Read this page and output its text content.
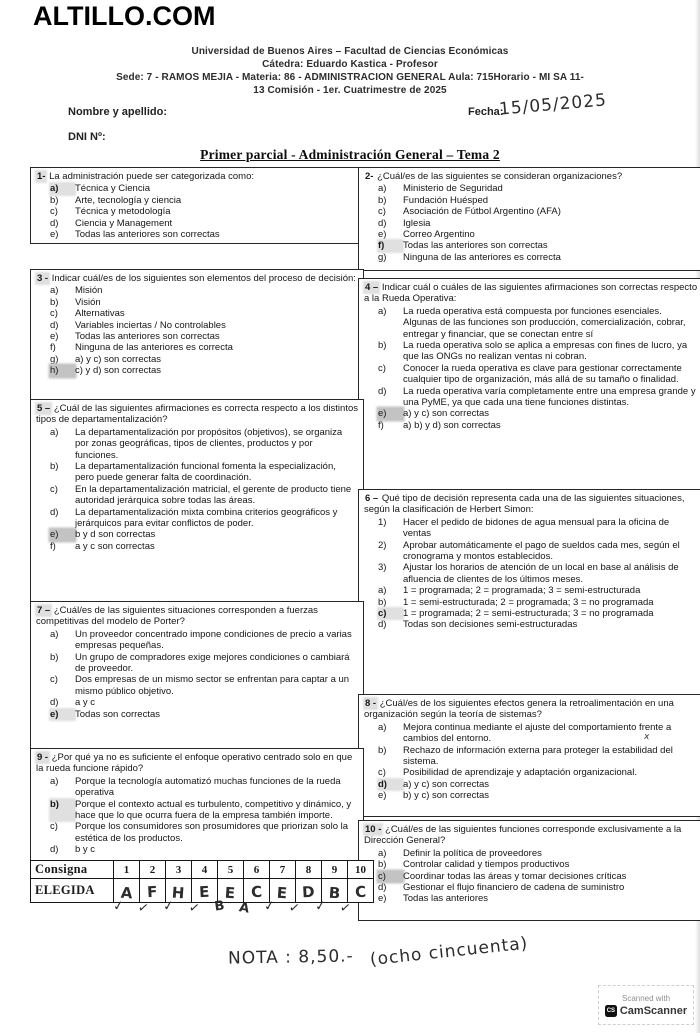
ALTILLO.COM
Universidad de Buenos Aires – Facultad de Ciencias Económicas
Cátedra: Eduardo Kastica - Profesor
Sede: 7 - RAMOS MEJIA - Materia: 86 - ADMINISTRACION GENERAL Aula: 715Horario - MI SA 11-
13 Comisión - 1er. Cuatrimestre de 2025
Nombre y apellido:	Fecha:
15/05/2025
DNI Nº:
Primer parcial - Administración General – Tema 2
1- La administración puede ser categorizada como:
a)	Técnica y Ciencia
b)	Arte, tecnología y ciencia
c)	Técnica y metodología
d)	Ciencia y Management
e)	Todas las anteriores son correctas
2- ¿Cuál/es de las siguientes se consideran organizaciones?
a)	Ministerio de Seguridad
b)	Fundación Huésped
c)	Asociación de Fútbol Argentino (AFA)
d)	Iglesia
e)	Correo Argentino
f)	Todas las anteriores son correctas
g)	Ninguna de las anteriores es correcta
3 - Indicar cuál/es de los siguientes son elementos del proceso de decisión:
a)	Misión
b)	Visión
c)	Alternativas
d)	Variables inciertas / No controlables
e)	Todas las anteriores son correctas
f)	Ninguna de las anteriores es correcta
g)	a) y c) son correctas
h)	c) y d) son correctas
4 – Indicar cuál o cuáles de las siguientes afirmaciones son correctas respecto a la Rueda Operativa:
a)	La rueda operativa está compuesta por funciones esenciales. Algunas de las funciones son producción, comercialización, cobrar, entregar y financiar, que se conectan entre sí
b)	La rueda operativa solo se aplica a empresas con fines de lucro, ya que las ONGs no realizan ventas ni cobran.
c)	Conocer la rueda operativa es clave para gestionar correctamente cualquier tipo de organización, más allá de su tamaño o finalidad.
d)	La rueda operativa varía completamente entre una empresa grande y una PyME, ya que cada una tiene funciones distintas.
e)	a) y c) son correctas
f)	a) b) y d) son correctas
5 – ¿Cuál de las siguientes afirmaciones es correcta respecto a los distintos tipos de departamentalización?
a)	La departamentalización por propósitos (objetivos), se organiza por zonas geográficas, tipos de clientes, productos y por funciones.
b)	La departamentalización funcional fomenta la especialización, pero puede generar falta de coordinación.
c)	En la departamentalización matricial, el gerente de producto tiene autoridad jerárquica sobre todas las áreas.
d)	La departamentalización mixta combina criterios geográficos y jerárquicos para evitar conflictos de poder.
e)	b y d son correctas
f)	a y c son correctas
6 – Qué tipo de decisión representa cada una de las siguientes situaciones, según la clasificación de Herbert Simon:
1)	Hacer el pedido de bidones de agua mensual para la oficina de ventas
2)	Aprobar automáticamente el pago de sueldos cada mes, según el cronograma y montos establecidos.
3)	Ajustar los horarios de atención de un local en base al análisis de afluencia de clientes de los últimos meses.
a)	1 = programada; 2 = programada; 3 = semi-estructurada
b)	1 = semi-estructurada; 2 = programada; 3 = no programada
c)	1 = programada; 2 = semi-estructurada; 3 = no programada
d)	Todas son decisiones semi-estructuradas
7 – ¿Cuál/es de las siguientes situaciones corresponden a fuerzas competitivas del modelo de Porter?
a)	Un proveedor concentrado impone condiciones de precio a varias empresas pequeñas.
b)	Un grupo de compradores exige mejores condiciones o cambiará de proveedor.
c)	Dos empresas de un mismo sector se enfrentan para captar a un mismo público objetivo.
d)	a y c
e)	Todas son correctas
x
8 - ¿Cuál/es de los siguientes efectos genera la retroalimentación en una organización según la teoría de sistemas?
a)	Mejora continua mediante el ajuste del comportamiento frente a cambios del entorno.
b)	Rechazo de información externa para proteger la estabilidad del sistema.
c)	Posibilidad de aprendizaje y adaptación organizacional.
d)	a) y c) son correctas
e)	b) y c) son correctas
9 - ¿Por qué ya no es suficiente el enfoque operativo centrado solo en que la rueda funcione rápido?
a)	Porque la tecnología automatizó muchas funciones de la rueda operativa
b)	Porque el contexto actual es turbulento, competitivo y dinámico, y hace que lo que ocurra fuera de la empresa también importe.
c)	Porque los consumidores son prosumidores que priorizan solo la estética de los productos.
d)	b y c
10 - ¿Cuál/es de las siguientes funciones corresponde exclusivamente a la Dirección General?
a)	Definir la política de proveedores
b)	Controlar calidad y tiempos productivos
c)	Coordinar todas las áreas y tomar decisiones críticas
d)	Gestionar el flujo financiero de cadena de suministro
e)	Todas las anteriores
Consigna	1	2	3	4	5	6	7	8	9	10
ELEGIDA	A	F	H	E	E	C	E	D	B	C
✓ ✓ ✓ ✓ B A ✓ ✓ ✓ ✓
NOTA : 8,50.- (ocho cincuenta)
Scanned with
CS CamScanner
